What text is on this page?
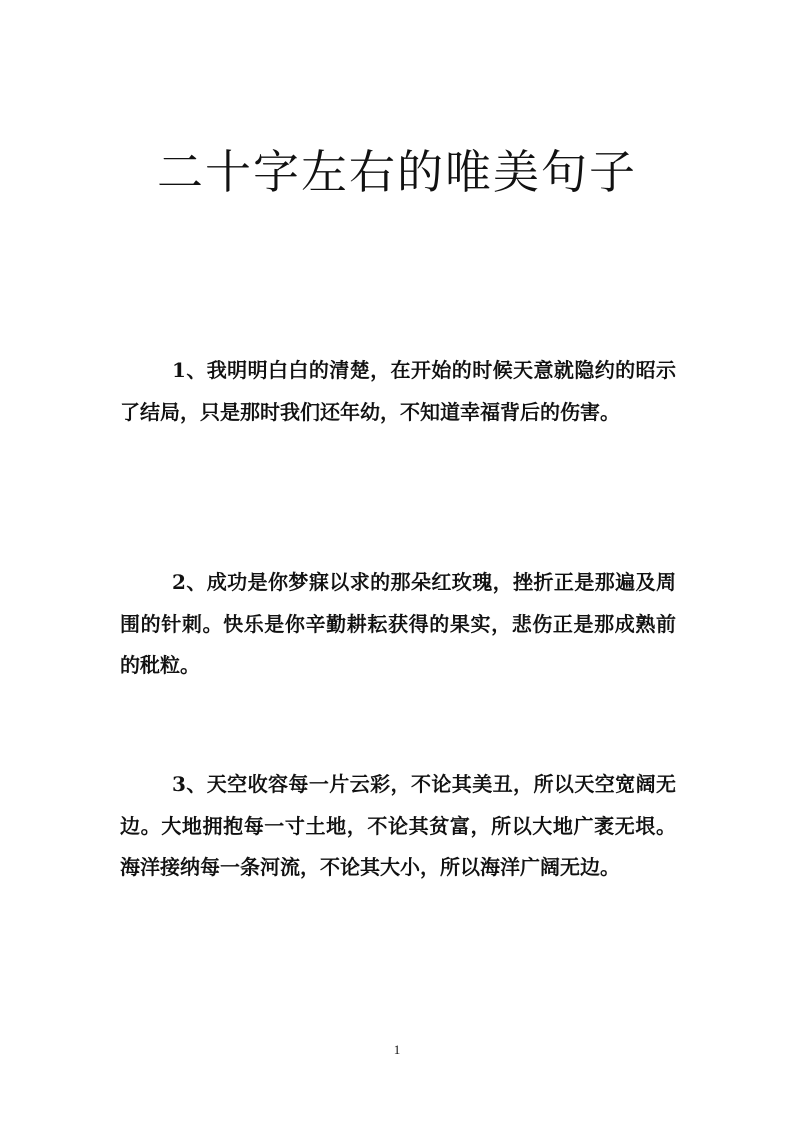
二十字左右的唯美句子

1、我明明白白的清楚，在开始的时候天意就隐约的昭示了结局，只是那时我们还年幼，不知道幸福背后的伤害。

2、成功是你梦寐以求的那朵红玫瑰，挫折正是那遍及周围的针刺。快乐是你辛勤耕耘获得的果实，悲伤正是那成熟前的秕粒。

3、天空收容每一片云彩，不论其美丑，所以天空宽阔无边。大地拥抱每一寸土地，不论其贫富，所以大地广袤无垠。海洋接纳每一条河流，不论其大小，所以海洋广阔无边。

1
